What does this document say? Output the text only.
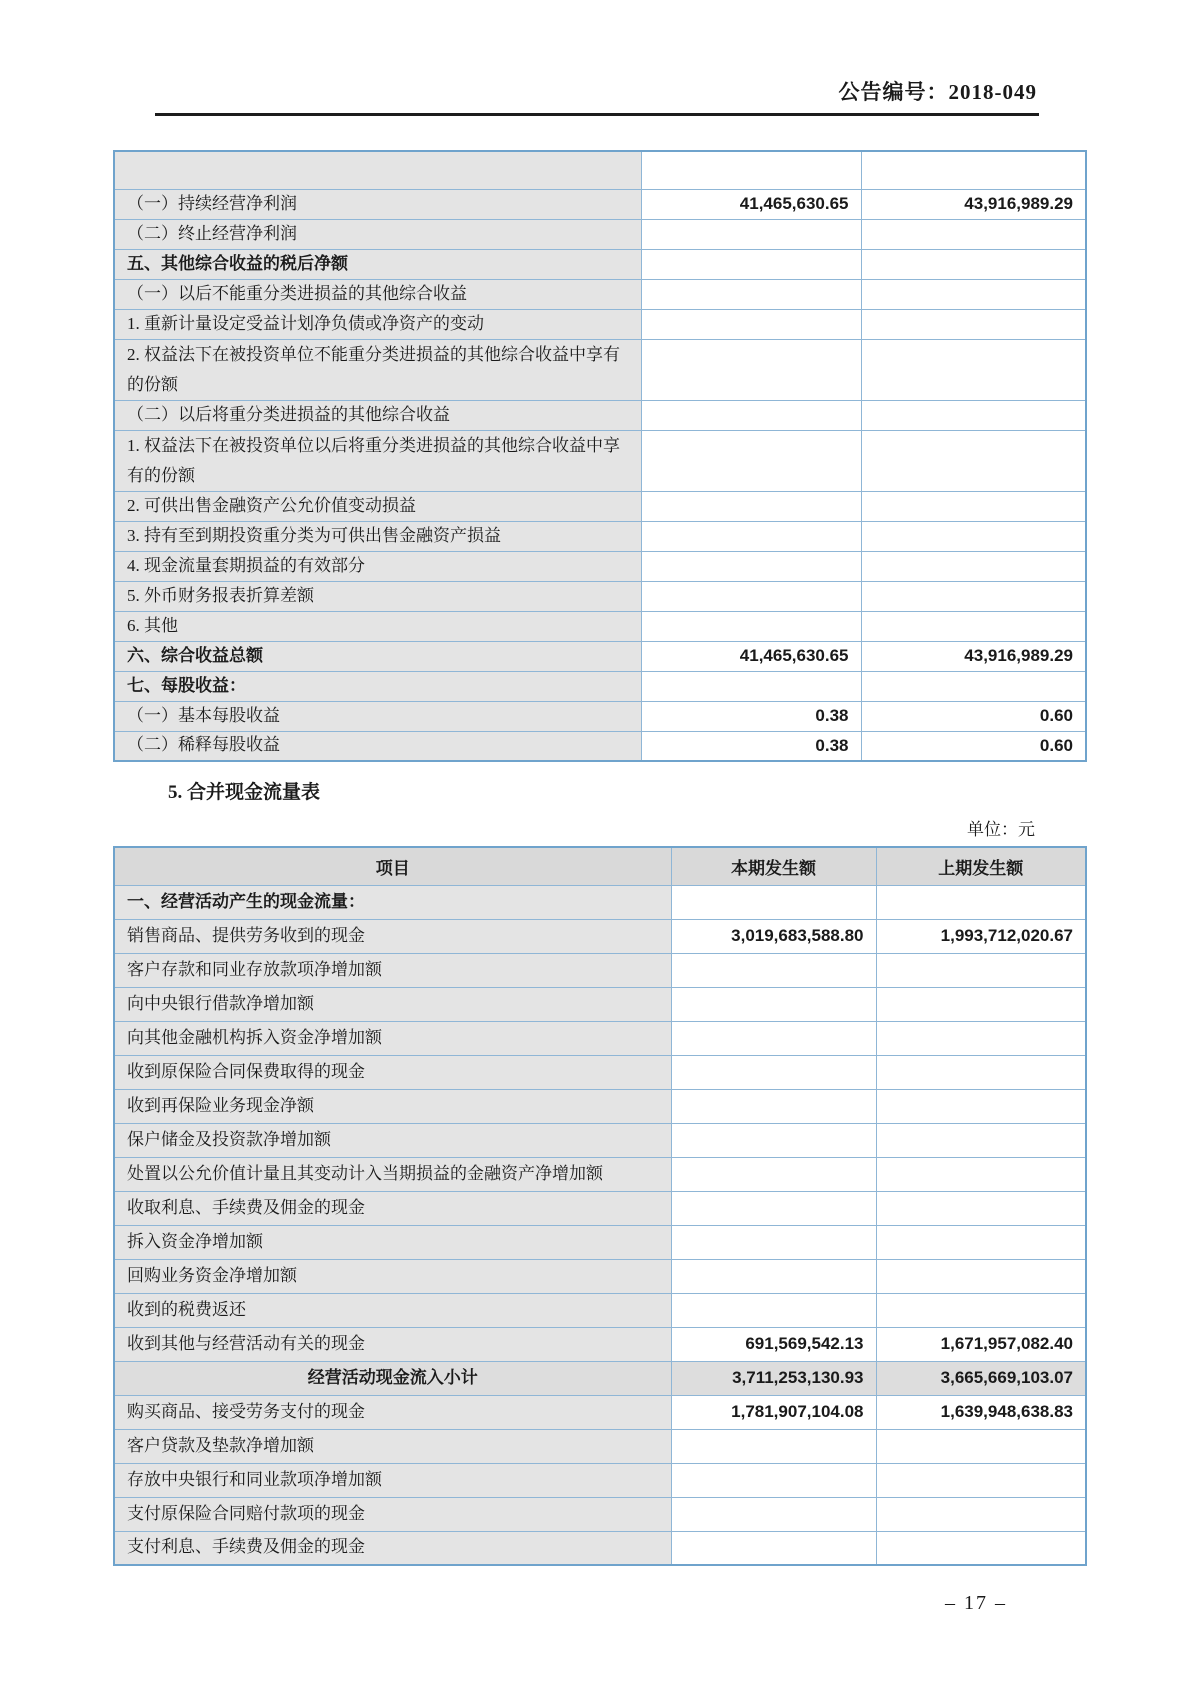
公告编号：2018-049

（一）持续经营净利润	41,465,630.65	43,916,989.29
（二）终止经营净利润		
五、其他综合收益的税后净额		
（一）以后不能重分类进损益的其他综合收益		
1. 重新计量设定受益计划净负债或净资产的变动		
2. 权益法下在被投资单位不能重分类进损益的其他综合收益中享有的份额		
（二）以后将重分类进损益的其他综合收益		
1. 权益法下在被投资单位以后将重分类进损益的其他综合收益中享有的份额		
2. 可供出售金融资产公允价值变动损益		
3. 持有至到期投资重分类为可供出售金融资产损益		
4. 现金流量套期损益的有效部分		
5. 外币财务报表折算差额		
6. 其他		
六、综合收益总额	41,465,630.65	43,916,989.29
七、每股收益：		
（一）基本每股收益	0.38	0.60
（二）稀释每股收益	0.38	0.60
5. 合并现金流量表
单位：元
项目	本期发生额	上期发生额
一、经营活动产生的现金流量：		
销售商品、提供劳务收到的现金	3,019,683,588.80	1,993,712,020.67
客户存款和同业存放款项净增加额		
向中央银行借款净增加额		
向其他金融机构拆入资金净增加额		
收到原保险合同保费取得的现金		
收到再保险业务现金净额		
保户储金及投资款净增加额		
处置以公允价值计量且其变动计入当期损益的金融资产净增加额		
收取利息、手续费及佣金的现金		
拆入资金净增加额		
回购业务资金净增加额		
收到的税费返还		
收到其他与经营活动有关的现金	691,569,542.13	1,671,957,082.40
经营活动现金流入小计	3,711,253,130.93	3,665,669,103.07
购买商品、接受劳务支付的现金	1,781,907,104.08	1,639,948,638.83
客户贷款及垫款净增加额		
存放中央银行和同业款项净增加额		
支付原保险合同赔付款项的现金		
支付利息、手续费及佣金的现金		
– 17 –
